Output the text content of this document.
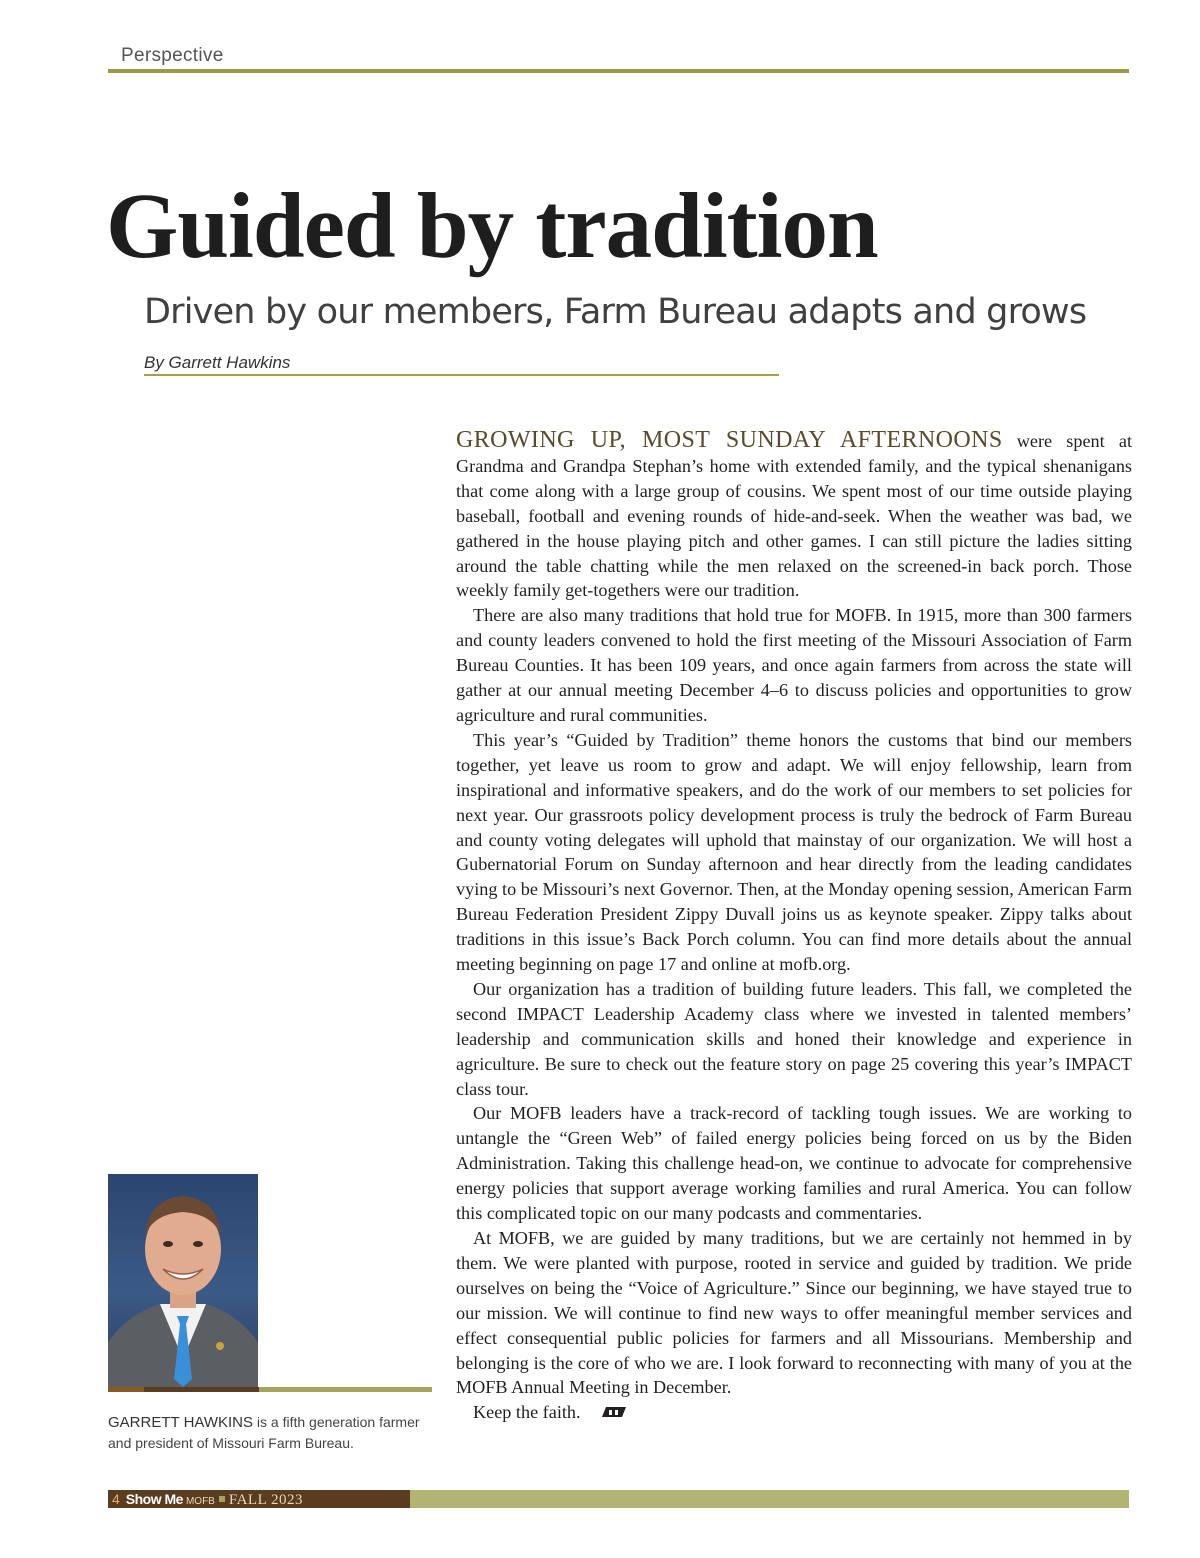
Perspective
Guided by tradition
Driven by our members, Farm Bureau adapts and grows
By Garrett Hawkins

GROWING UP, MOST SUNDAY AFTERNOONS were spent at Grandma and Grandpa Stephan’s home with extended family, and the typical shenanigans that come along with a large group of cousins. We spent most of our time outside playing baseball, football and evening rounds of hide-and-seek. When the weather was bad, we gathered in the house playing pitch and other games. I can still picture the ladies sitting around the table chatting while the men relaxed on the screened-in back porch. Those weekly family get-togethers were our tradition.

There are also many traditions that hold true for MOFB. In 1915, more than 300 farmers and county leaders convened to hold the first meeting of the Missouri Association of Farm Bureau Counties. It has been 109 years, and once again farmers from across the state will gather at our annual meeting December 4–6 to discuss policies and opportunities to grow agriculture and rural communities.

This year’s “Guided by Tradition” theme honors the customs that bind our members together, yet leave us room to grow and adapt. We will enjoy fellowship, learn from inspirational and informative speakers, and do the work of our members to set policies for next year. Our grassroots policy development process is truly the bedrock of Farm Bureau and county voting delegates will uphold that mainstay of our organization. We will host a Gubernatorial Forum on Sunday afternoon and hear directly from the leading candidates vying to be Missouri’s next Governor. Then, at the Monday opening session, American Farm Bureau Federation President Zippy Duvall joins us as keynote speaker. Zippy talks about traditions in this issue’s Back Porch column. You can find more details about the annual meeting beginning on page 17 and online at mofb.org.

Our organization has a tradition of building future leaders. This fall, we completed the second IMPACT Leadership Academy class where we invested in talented members’ leadership and communication skills and honed their knowledge and experience in agriculture. Be sure to check out the feature story on page 25 covering this year’s IMPACT class tour.

Our MOFB leaders have a track-record of tackling tough issues. We are working to untangle the “Green Web” of failed energy policies being forced on us by the Biden Administration. Taking this challenge head-on, we continue to advocate for comprehensive energy policies that support average working families and rural America. You can follow this complicated topic on our many podcasts and commentaries.

At MOFB, we are guided by many traditions, but we are certainly not hemmed in by them. We were planted with purpose, rooted in service and guided by tradition. We pride ourselves on being the “Voice of Agriculture.” Since our beginning, we have stayed true to our mission. We will continue to find new ways to offer meaningful member services and effect consequential public policies for farmers and all Missourians. Membership and belonging is the core of who we are. I look forward to reconnecting with many of you at the MOFB Annual Meeting in December.

Keep the faith.

GARRETT HAWKINS is a fifth generation farmer and president of Missouri Farm Bureau.
4 Show Me MOFB FALL 2023
